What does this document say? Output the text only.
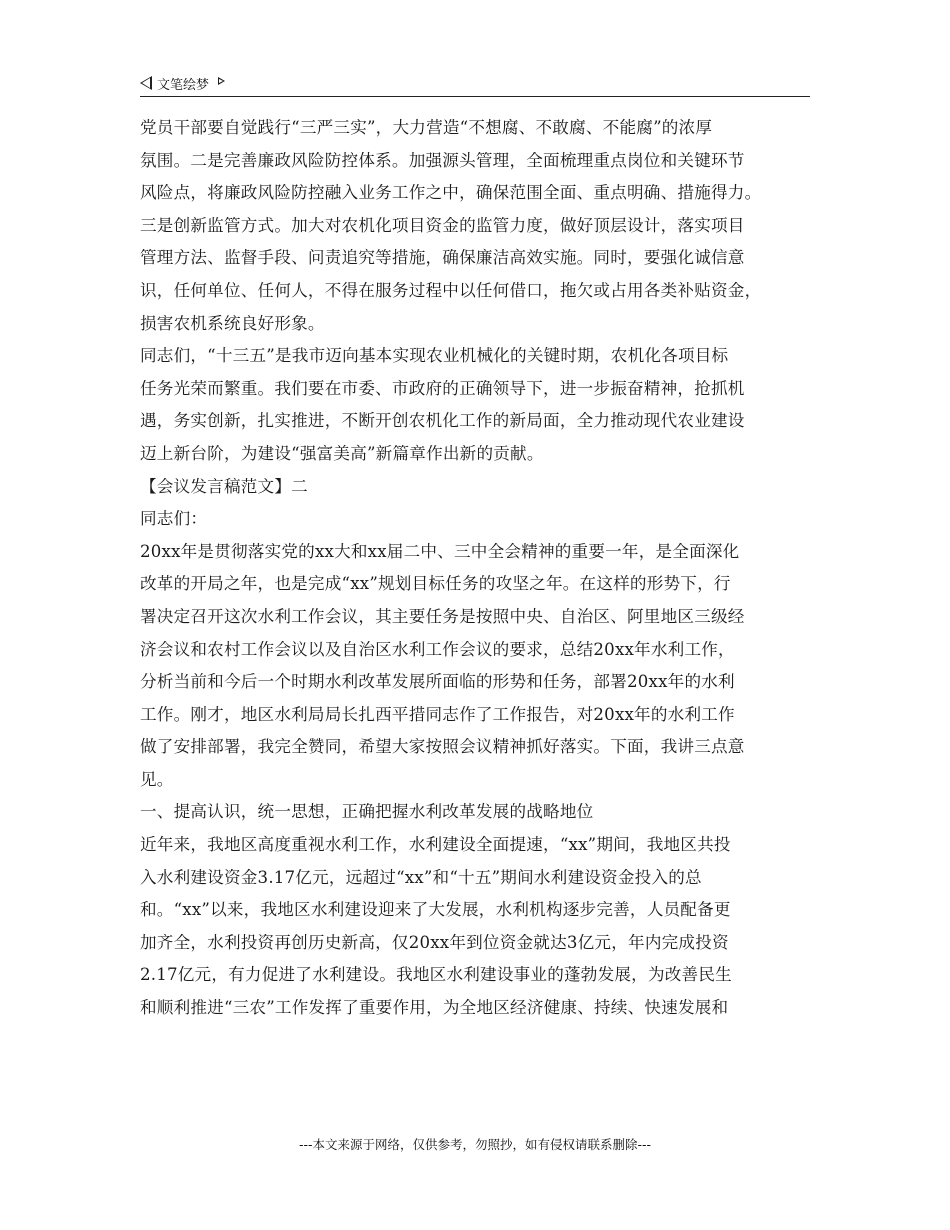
文笔绘梦
党员干部要自觉践行“三严三实”，大力营造“不想腐、不敢腐、不能腐”的浓厚
氛围。二是完善廉政风险防控体系。加强源头管理，全面梳理重点岗位和关键环节
风险点，将廉政风险防控融入业务工作之中，确保范围全面、重点明确、措施得力。
三是创新监管方式。加大对农机化项目资金的监管力度，做好顶层设计，落实项目
管理方法、监督手段、问责追究等措施，确保廉洁高效实施。同时，要强化诚信意
识，任何单位、任何人，不得在服务过程中以任何借口，拖欠或占用各类补贴资金，
损害农机系统良好形象。
同志们，“十三五”是我市迈向基本实现农业机械化的关键时期，农机化各项目标
任务光荣而繁重。我们要在市委、市政府的正确领导下，进一步振奋精神，抢抓机
遇，务实创新，扎实推进，不断开创农机化工作的新局面，全力推动现代农业建设
迈上新台阶，为建设“强富美高”新篇章作出新的贡献。
【会议发言稿范文】二
同志们：
20xx年是贯彻落实党的xx大和xx届二中、三中全会精神的重要一年，是全面深化
改革的开局之年，也是完成“xx”规划目标任务的攻坚之年。在这样的形势下，行
署决定召开这次水利工作会议，其主要任务是按照中央、自治区、阿里地区三级经
济会议和农村工作会议以及自治区水利工作会议的要求，总结20xx年水利工作，
分析当前和今后一个时期水利改革发展所面临的形势和任务，部署20xx年的水利
工作。刚才，地区水利局局长扎西平措同志作了工作报告，对20xx年的水利工作
做了安排部署，我完全赞同，希望大家按照会议精神抓好落实。下面，我讲三点意
见。
一、提高认识，统一思想，正确把握水利改革发展的战略地位
近年来，我地区高度重视水利工作，水利建设全面提速，“xx”期间，我地区共投
入水利建设资金3.17亿元，远超过“xx”和“十五”期间水利建设资金投入的总
和。“xx”以来，我地区水利建设迎来了大发展，水利机构逐步完善，人员配备更
加齐全，水利投资再创历史新高，仅20xx年到位资金就达3亿元，年内完成投资
2.17亿元，有力促进了水利建设。我地区水利建设事业的蓬勃发展，为改善民生
和顺利推进“三农”工作发挥了重要作用，为全地区经济健康、持续、快速发展和
---本文来源于网络，仅供参考，勿照抄，如有侵权请联系删除---
